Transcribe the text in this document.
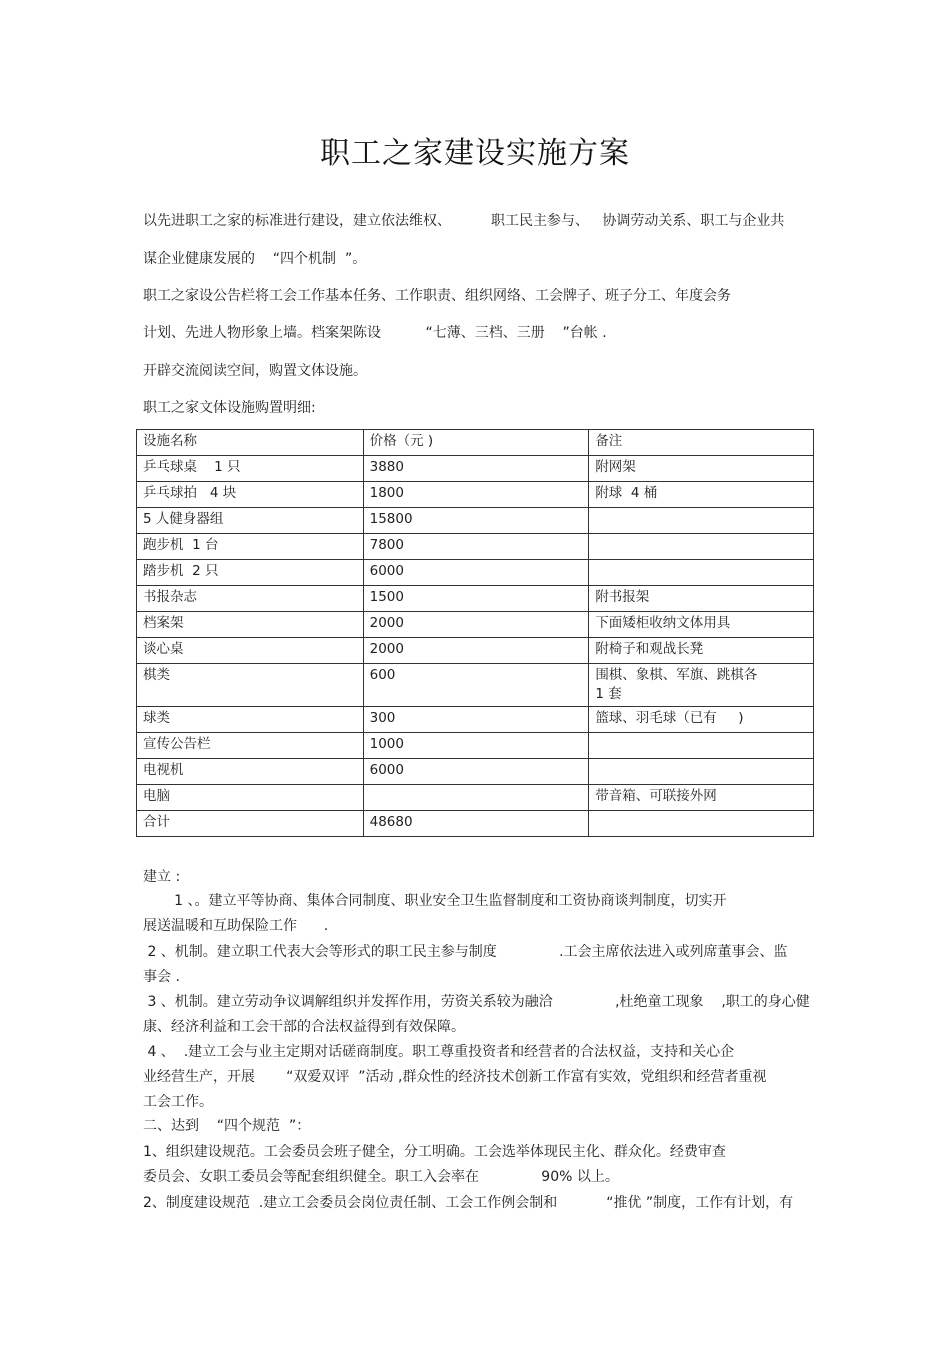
职工之家建设实施方案
以先进职工之家的标准进行建设，建立依法维权、         职工民主参与、   协调劳动关系、职工与企业共
谋企业健康发展的    “四个机制  ”。
职工之家设公告栏将工会工作基本任务、工作职责、组织网络、工会牌子、班子分工、年度会务
计划、先进人物形象上墙。档案架陈设          “七薄、三档、三册    ”台帐 .
开辟交流阅读空间，购置文体设施。
职工之家文体设施购置明细:
设施名称	价格（元 )	备注
乒乓球桌    1 只	3880	附网架
乒乓球拍   4 块	1800	附球  4 桶
5 人健身器组	15800	
跑步机  1 台	7800	
踏步机  2 只	6000	
书报杂志	1500	附书报架
档案架	2000	下面矮柜收纳文体用具
谈心桌	2000	附椅子和观战长凳
棋类	600	围棋、象棋、军旗、跳棋各          1 套
球类	300	篮球、羽毛球（已有     )
宣传公告栏	1000	
电视机	6000	
电脑		带音箱、可联接外网
合计	48680	
建立 :
1 、。建立平等协商、集体合同制度、职业安全卫生监督制度和工资协商谈判制度，切实开
展送温暖和互助保险工作      .
2 、机制。建立职工代表大会等形式的职工民主参与制度              .工会主席依法进入或列席董事会、监
事会 .
3 、机制。建立劳动争议调解组织并发挥作用，劳资关系较为融洽              ,杜绝童工现象    ,职工的身心健
康、经济利益和工会干部的合法权益得到有效保障。
4 、  .建立工会与业主定期对话磋商制度。职工尊重投资者和经营者的合法权益，支持和关心企
业经营生产，开展       “双爱双评  ”活动 ,群众性的经济技术创新工作富有实效，党组织和经营者重视
工会工作。
二、达到    “四个规范  ”：
1、组织建设规范。工会委员会班子健全，分工明确。工会选举体现民主化、群众化。经费审查
委员会、女职工委员会等配套组织健全。职工入会率在              90% 以上。
2、制度建设规范  .建立工会委员会岗位责任制、工会工作例会制和           “推优 ”制度，工作有计划，有
